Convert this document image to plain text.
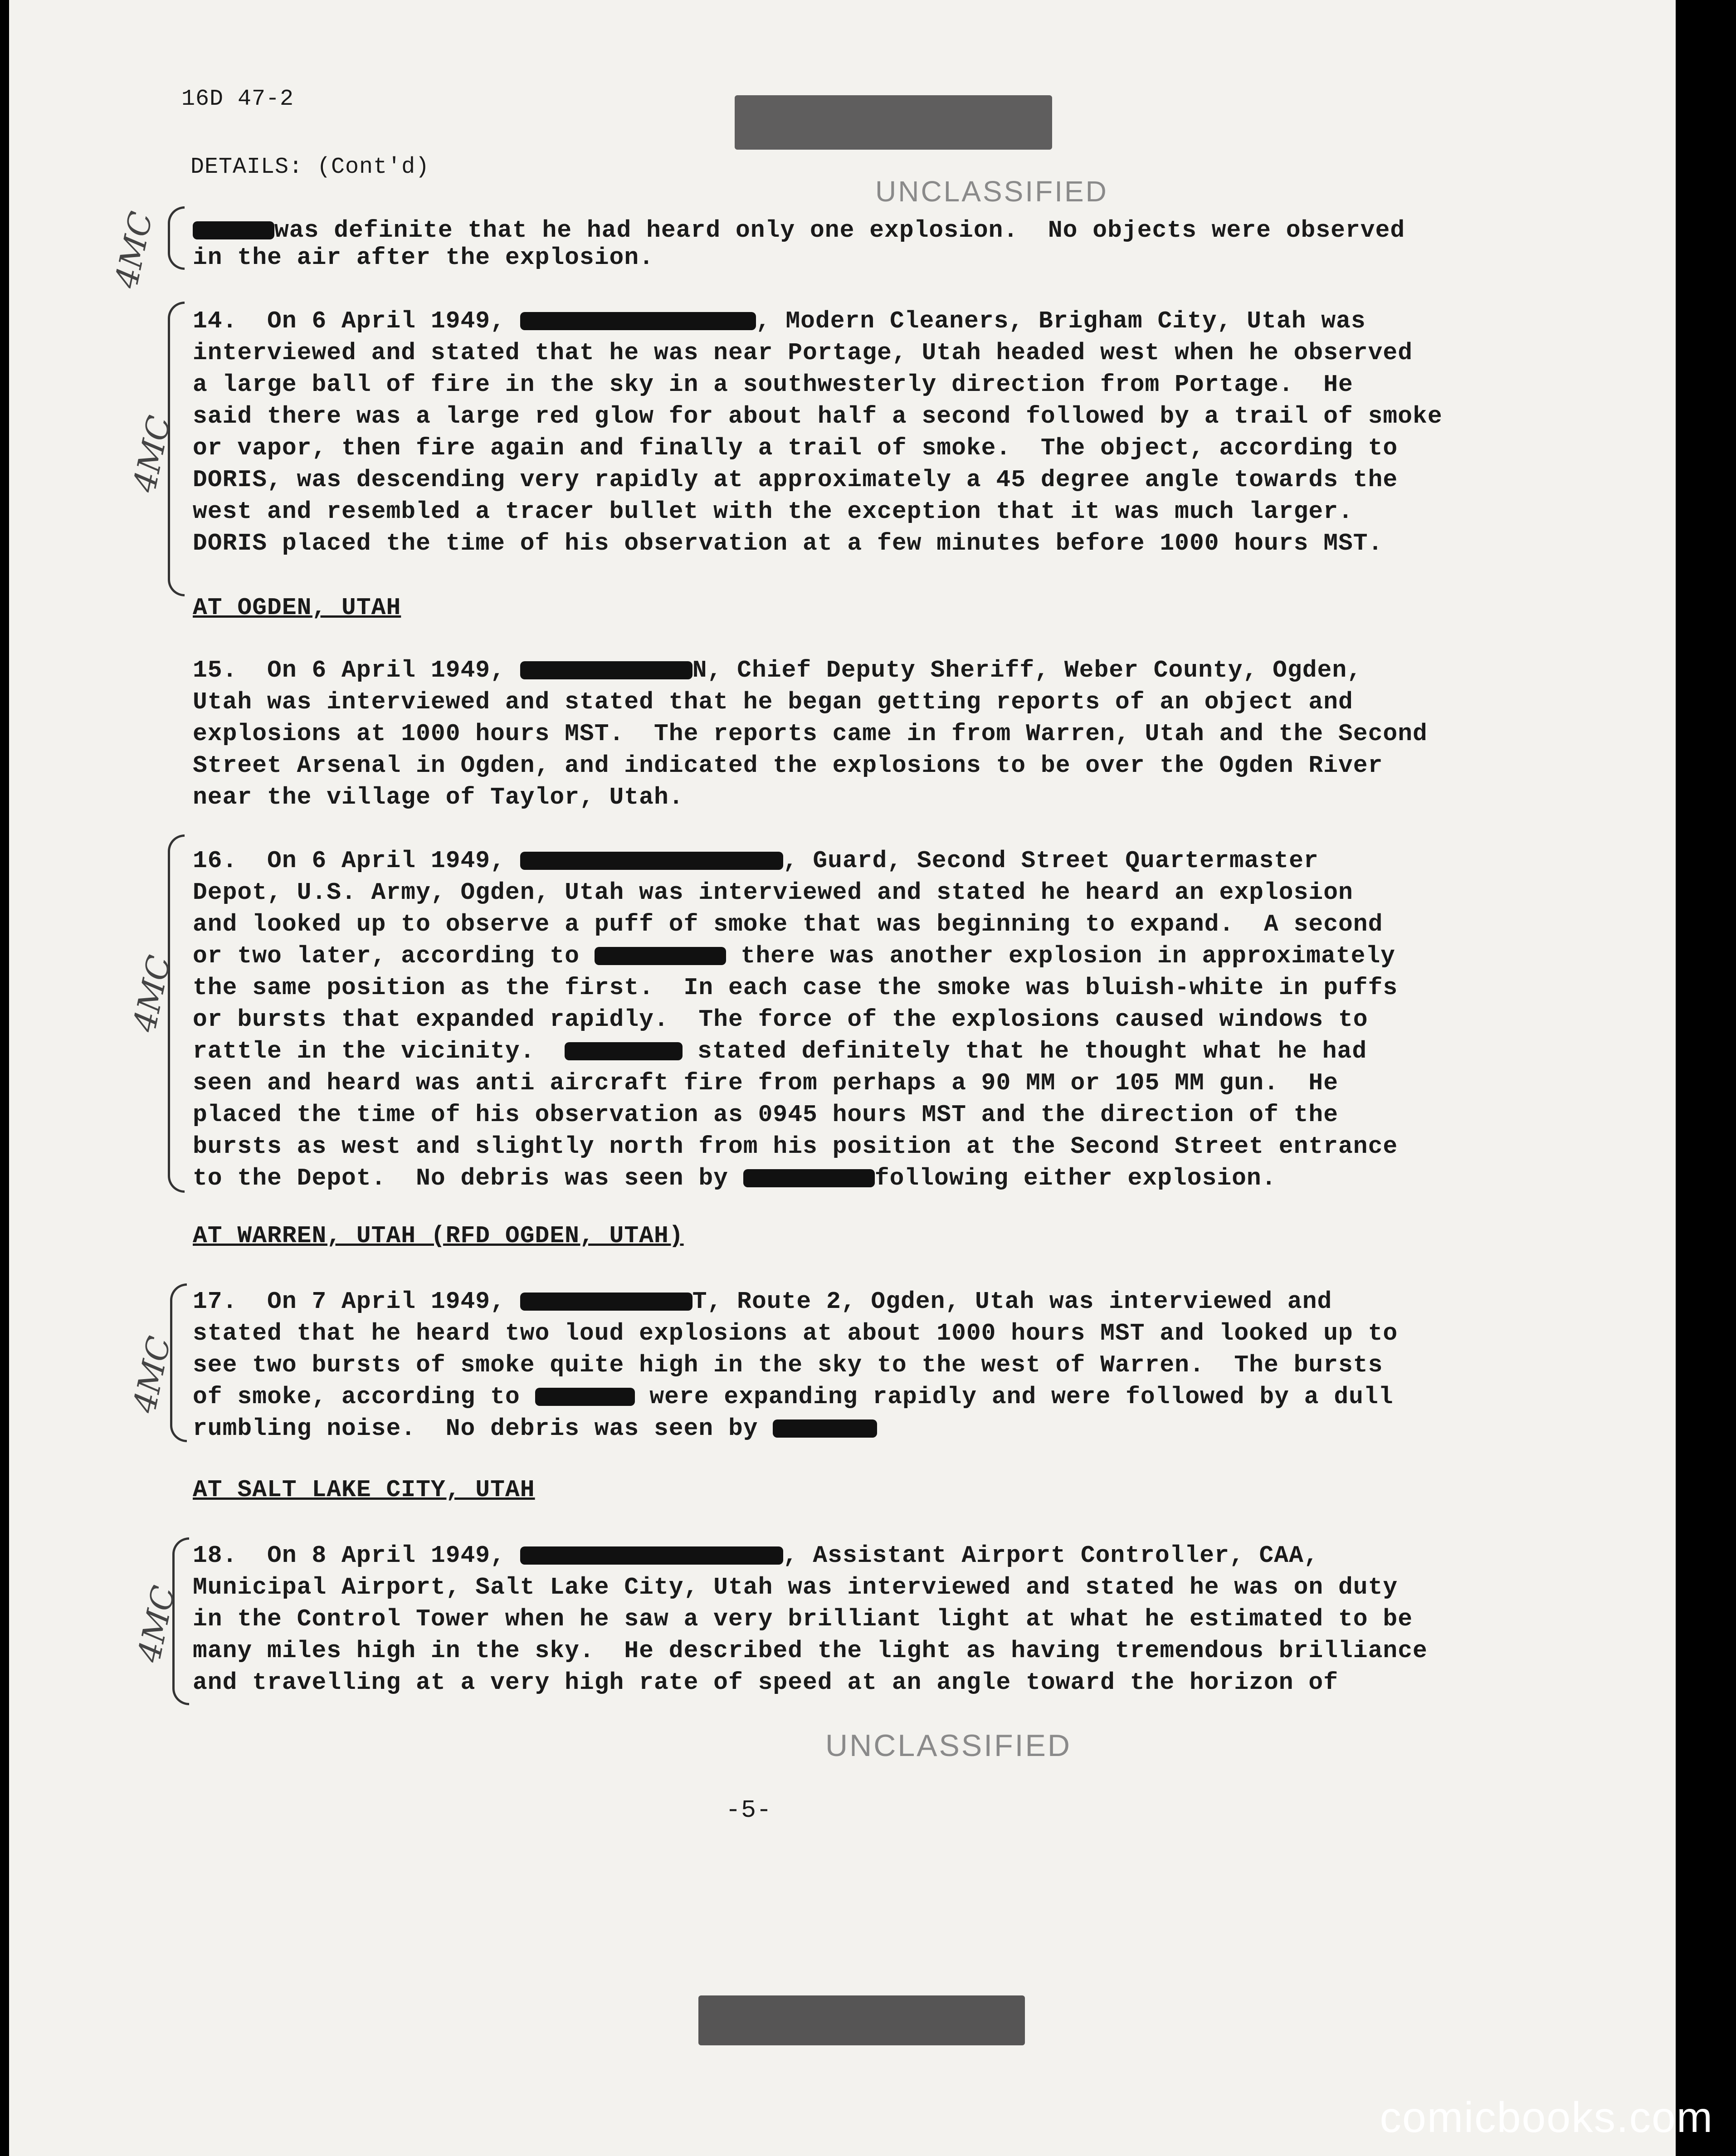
16D 47-2
DETAILS: (Cont'd)
UNCLASSIFIED
4MC	was definite that he had heard only one explosion.  No objects were observed
in the air after the explosion.
4MC
14.  On 6 April 1949,	, Modern Cleaners, Brigham City, Utah was
interviewed and stated that he was near Portage, Utah headed west when he observed
a large ball of fire in the sky in a southwesterly direction from Portage.  He
said there was a large red glow for about half a second followed by a trail of smoke
or vapor, then fire again and finally a trail of smoke.  The object, according to
DORIS, was descending very rapidly at approximately a 45 degree angle towards the
west and resembled a tracer bullet with the exception that it was much larger.
DORIS placed the time of his observation at a few minutes before 1000 hours MST.
AT OGDEN, UTAH
15.  On 6 April 1949,	N, Chief Deputy Sheriff, Weber County, Ogden,
Utah was interviewed and stated that he began getting reports of an object and
explosions at 1000 hours MST.  The reports came in from Warren, Utah and the Second
Street Arsenal in Ogden, and indicated the explosions to be over the Ogden River
near the village of Taylor, Utah.
4MC
16.  On 6 April 1949,	, Guard, Second Street Quartermaster
Depot, U.S. Army, Ogden, Utah was interviewed and stated he heard an explosion
and looked up to observe a puff of smoke that was beginning to expand.  A second
or two later, according to	there was another explosion in approximately
the same position as the first.  In each case the smoke was bluish-white in puffs
or bursts that expanded rapidly.  The force of the explosions caused windows to
rattle in the vicinity.	stated definitely that he thought what he had
seen and heard was anti aircraft fire from perhaps a 90 MM or 105 MM gun.  He
placed the time of his observation as 0945 hours MST and the direction of the
bursts as west and slightly north from his position at the Second Street entrance
to the Depot.  No debris was seen by	following either explosion.
AT WARREN, UTAH (RFD OGDEN, UTAH)
4MC
17.  On 7 April 1949,	T, Route 2, Ogden, Utah was interviewed and
stated that he heard two loud explosions at about 1000 hours MST and looked up to
see two bursts of smoke quite high in the sky to the west of Warren.  The bursts
of smoke, according to	were expanding rapidly and were followed by a dull
rumbling noise.  No debris was seen by
AT SALT LAKE CITY, UTAH
4MC
18.  On 8 April 1949,	, Assistant Airport Controller, CAA,
Municipal Airport, Salt Lake City, Utah was interviewed and stated he was on duty
in the Control Tower when he saw a very brilliant light at what he estimated to be
many miles high in the sky.  He described the light as having tremendous brilliance
and travelling at a very high rate of speed at an angle toward the horizon of
UNCLASSIFIED
-5-
comicbooks.com
